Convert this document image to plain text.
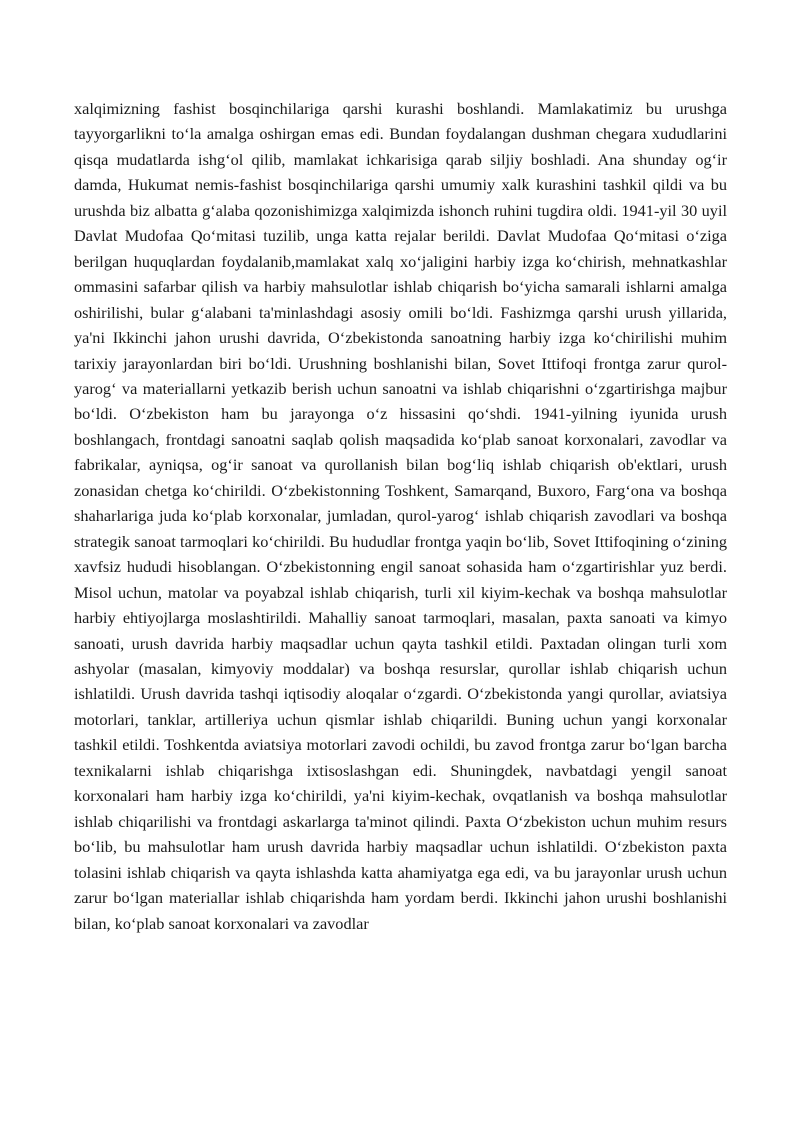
xalqimizning fashist bosqinchilariga qarshi kurashi boshlandi. Mamlakatimiz bu urushga tayyorgarlikni to‘la amalga oshirgan emas edi. Bundan foydalangan dushman chegara xududlarini qisqa mudatlarda ishg‘ol qilib, mamlakat ichkarisiga qarab siljiy boshladi. Ana shunday og‘ir damda, Hukumat nemis-fashist bosqinchilariga qarshi umumiy xalk kurashini tashkil qildi va bu urushda biz albatta g‘alaba qozonishimizga xalqimizda ishonch ruhini tugdira oldi. 1941-yil 30 uyil Davlat Mudofaa Qo‘mitasi tuzilib, unga katta rejalar berildi. Davlat Mudofaa Qo‘mitasi o‘ziga berilgan huquqlardan foydalanib,mamlakat xalq xo‘jaligini harbiy izga ko‘chirish, mehnatkashlar ommasini safarbar qilish va harbiy mahsulotlar ishlab chiqarish bo‘yicha samarali ishlarni amalga oshirilishi, bular g‘alabani ta'minlashdagi asosiy omili bo‘ldi. Fashizmga qarshi urush yillarida, ya'ni Ikkinchi jahon urushi davrida, O‘zbekistonda sanoatning harbiy izga ko‘chirilishi muhim tarixiy jarayonlardan biri bo‘ldi. Urushning boshlanishi bilan, Sovet Ittifoqi frontga zarur qurol-yarog‘ va materiallarni yetkazib berish uchun sanoatni va ishlab chiqarishni o‘zgartirishga majbur bo‘ldi. O‘zbekiston ham bu jarayonga o‘z hissasini qo‘shdi. 1941-yilning iyunida urush boshlangach, frontdagi sanoatni saqlab qolish maqsadida ko‘plab sanoat korxonalari, zavodlar va fabrikalar, ayniqsa, og‘ir sanoat va qurollanish bilan bog‘liq ishlab chiqarish ob'ektlari, urush zonasidan chetga ko‘chirildi. O‘zbekistonning Toshkent, Samarqand, Buxoro, Farg‘ona va boshqa shaharlariga juda ko‘plab korxonalar, jumladan, qurol-yarog‘ ishlab chiqarish zavodlari va boshqa strategik sanoat tarmoqlari ko‘chirildi. Bu hududlar frontga yaqin bo‘lib, Sovet Ittifoqining o‘zining xavfsiz hududi hisoblangan. O‘zbekistonning engil sanoat sohasida ham o‘zgartirishlar yuz berdi. Misol uchun, matolar va poyabzal ishlab chiqarish, turli xil kiyim-kechak va boshqa mahsulotlar harbiy ehtiyojlarga moslashtirildi. Mahalliy sanoat tarmoqlari, masalan, paxta sanoati va kimyo sanoati, urush davrida harbiy maqsadlar uchun qayta tashkil etildi. Paxtadan olingan turli xom ashyolar (masalan, kimyoviy moddalar) va boshqa resurslar, qurollar ishlab chiqarish uchun ishlatildi. Urush davrida tashqi iqtisodiy aloqalar o‘zgardi. O‘zbekistonda yangi qurollar, aviatsiya motorlari, tanklar, artilleriya uchun qismlar ishlab chiqarildi. Buning uchun yangi korxonalar tashkil etildi. Toshkentda aviatsiya motorlari zavodi ochildi, bu zavod frontga zarur bo‘lgan barcha texnikalarni ishlab chiqarishga ixtisoslashgan edi. Shuningdek, navbatdagi yengil sanoat korxonalari ham harbiy izga ko‘chirildi, ya'ni kiyim-kechak, ovqatlanish va boshqa mahsulotlar ishlab chiqarilishi va frontdagi askarlarga ta'minot qilindi. Paxta O‘zbekiston uchun muhim resurs bo‘lib, bu mahsulotlar ham urush davrida harbiy maqsadlar uchun ishlatildi. O‘zbekiston paxta tolasini ishlab chiqarish va qayta ishlashda katta ahamiyatga ega edi, va bu jarayonlar urush uchun zarur bo‘lgan materiallar ishlab chiqarishda ham yordam berdi. Ikkinchi jahon urushi boshlanishi bilan, ko‘plab sanoat korxonalari va zavodlar
